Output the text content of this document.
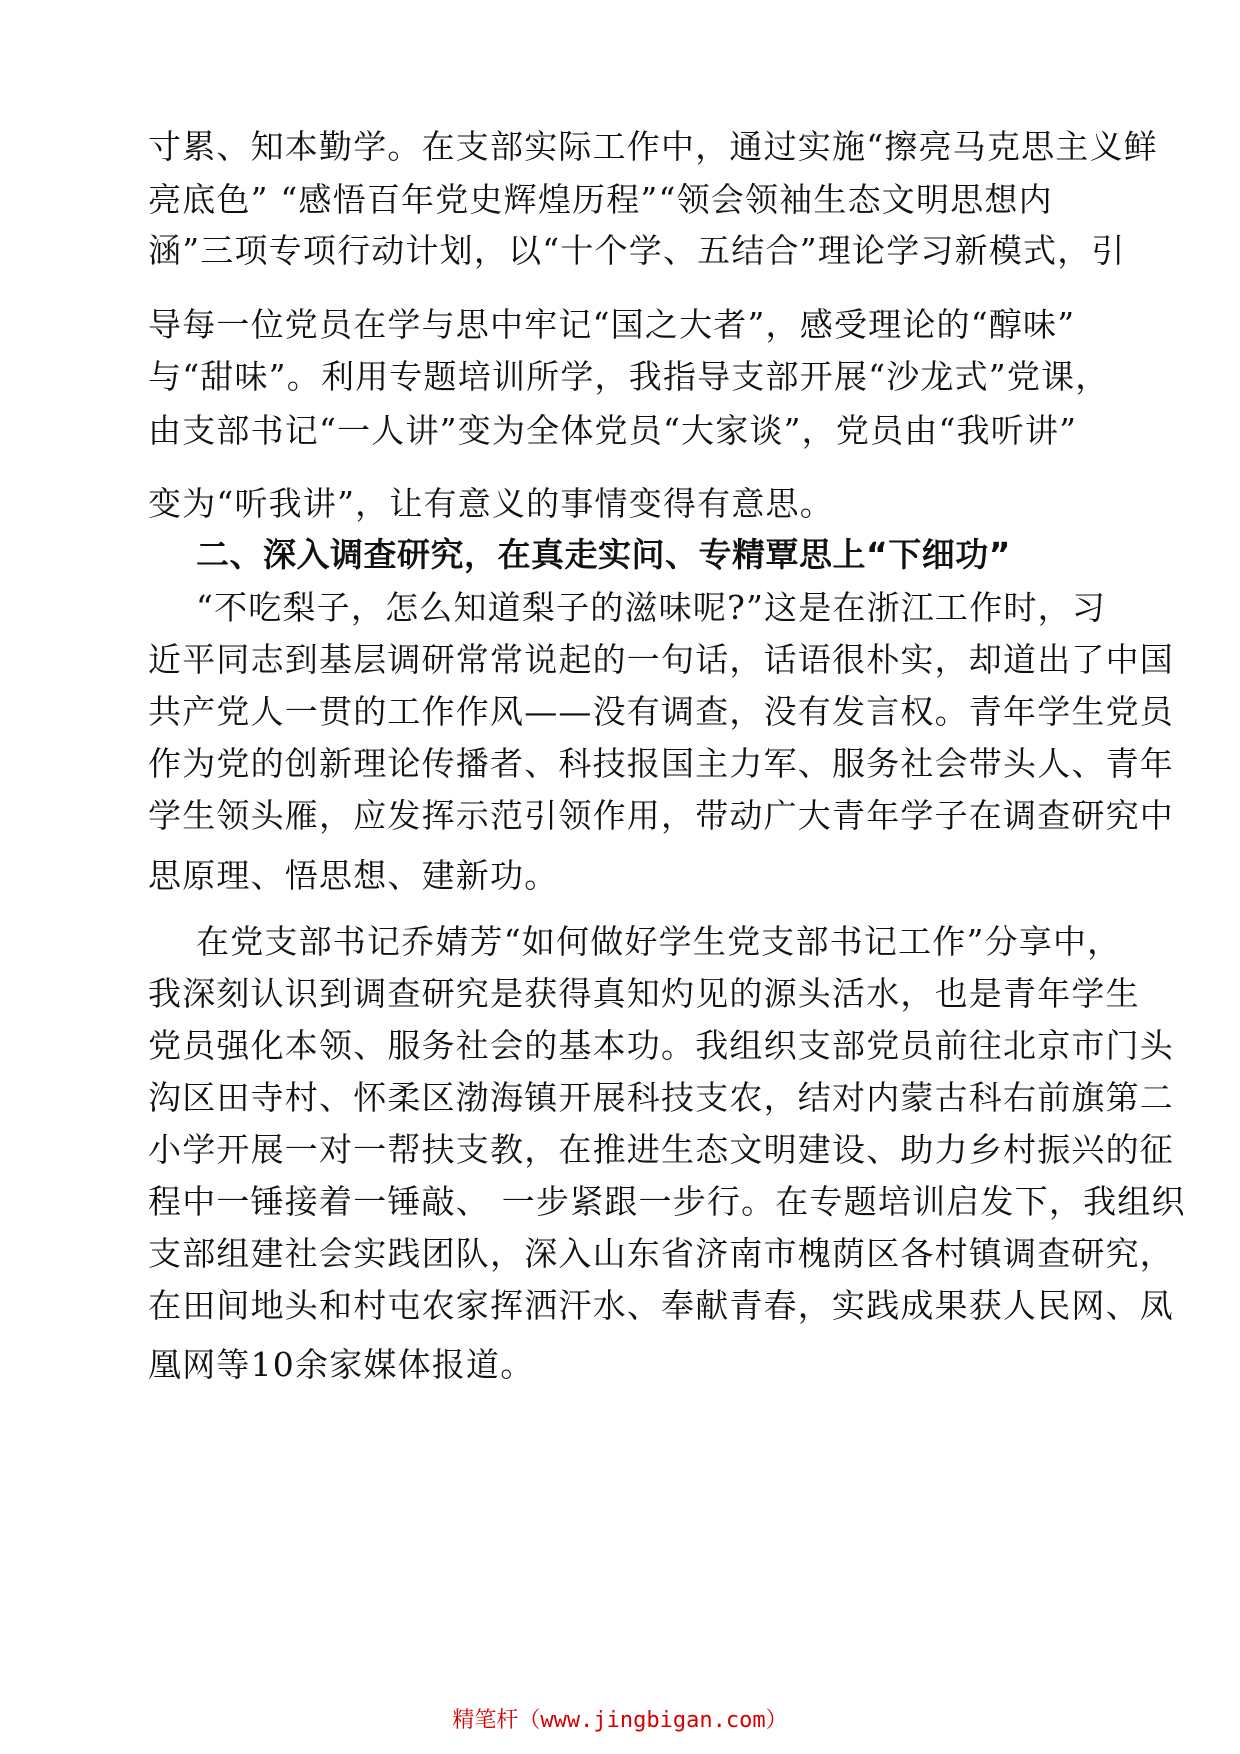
寸累、知本勤学。在支部实际工作中，通过实施“擦亮马克思主义鲜
亮底色” “感悟百年党史辉煌历程”“领会领袖生态文明思想内
涵”三项专项行动计划，以“十个学、五结合”理论学习新模式，引
导每一位党员在学与思中牢记“国之大者”，感受理论的“醇味”
与“甜味”。利用专题培训所学，我指导支部开展“沙龙式”党课，
由支部书记“一人讲”变为全体党员“大家谈”，党员由“我听讲”
变为“听我讲”，让有意义的事情变得有意思。
二、深入调查研究，在真走实问、专精覃思上“下细功”
“不吃梨子，怎么知道梨子的滋味呢?”这是在浙江工作时，习
近平同志到基层调研常常说起的一句话，话语很朴实，却道出了中国
共产党人一贯的工作作风——没有调查，没有发言权。青年学生党员
作为党的创新理论传播者、科技报国主力军、服务社会带头人、青年
学生领头雁，应发挥示范引领作用，带动广大青年学子在调查研究中
思原理、悟思想、建新功。
在党支部书记乔婧芳“如何做好学生党支部书记工作”分享中，
我深刻认识到调查研究是获得真知灼见的源头活水，也是青年学生
党员强化本领、服务社会的基本功。我组织支部党员前往北京市门头
沟区田寺村、怀柔区渤海镇开展科技支农，结对内蒙古科右前旗第二
小学开展一对一帮扶支教，在推进生态文明建设、助力乡村振兴的征
程中一锤接着一锤敲、 一步紧跟一步行。在专题培训启发下，我组织
支部组建社会实践团队，深入山东省济南市槐荫区各村镇调查研究，
在田间地头和村屯农家挥洒汗水、奉献青春，实践成果获人民网、凤
凰网等10余家媒体报道。
精笔杆（www.jingbigan.com）
